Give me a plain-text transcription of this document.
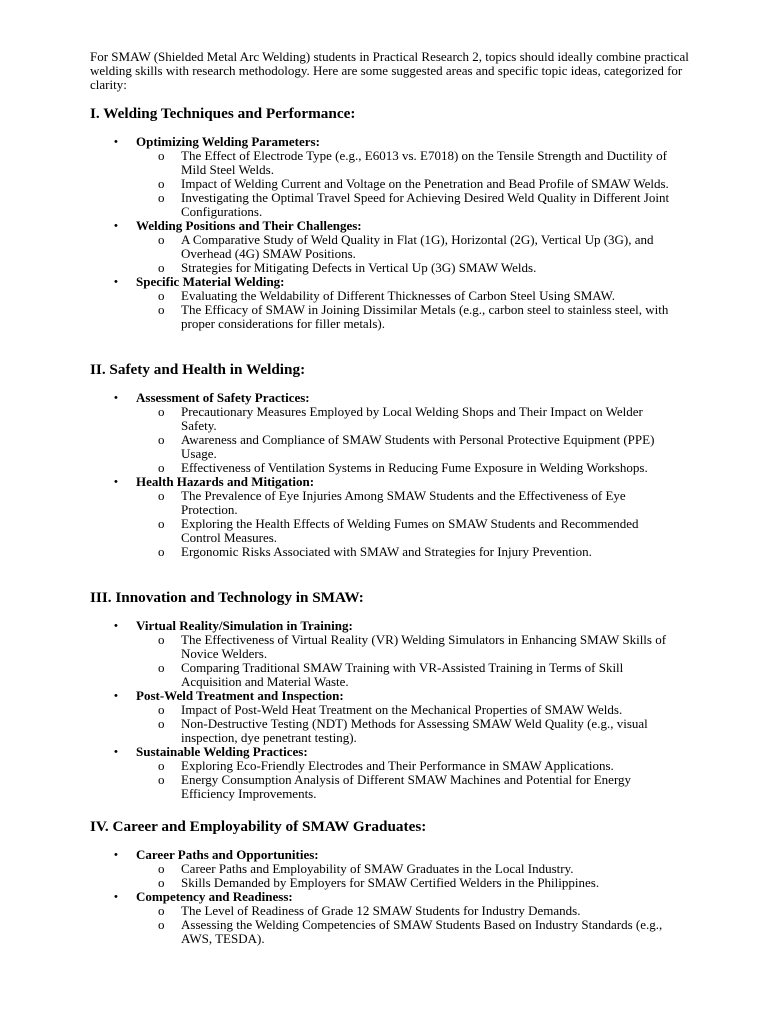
For SMAW (Shielded Metal Arc Welding) students in Practical Research 2, topics should ideally combine practical welding skills with research methodology. Here are some suggested areas and specific topic ideas, categorized for clarity:

I. Welding Techniques and Performance:
• Optimizing Welding Parameters:
o The Effect of Electrode Type (e.g., E6013 vs. E7018) on the Tensile Strength and Ductility of Mild Steel Welds.
o Impact of Welding Current and Voltage on the Penetration and Bead Profile of SMAW Welds.
o Investigating the Optimal Travel Speed for Achieving Desired Weld Quality in Different Joint Configurations.
• Welding Positions and Their Challenges:
o A Comparative Study of Weld Quality in Flat (1G), Horizontal (2G), Vertical Up (3G), and Overhead (4G) SMAW Positions.
o Strategies for Mitigating Defects in Vertical Up (3G) SMAW Welds.
• Specific Material Welding:
o Evaluating the Weldability of Different Thicknesses of Carbon Steel Using SMAW.
o The Efficacy of SMAW in Joining Dissimilar Metals (e.g., carbon steel to stainless steel, with proper considerations for filler metals).
II. Safety and Health in Welding:
• Assessment of Safety Practices:
o Precautionary Measures Employed by Local Welding Shops and Their Impact on Welder Safety.
o Awareness and Compliance of SMAW Students with Personal Protective Equipment (PPE) Usage.
o Effectiveness of Ventilation Systems in Reducing Fume Exposure in Welding Workshops.
• Health Hazards and Mitigation:
o The Prevalence of Eye Injuries Among SMAW Students and the Effectiveness of Eye Protection.
o Exploring the Health Effects of Welding Fumes on SMAW Students and Recommended Control Measures.
o Ergonomic Risks Associated with SMAW and Strategies for Injury Prevention.
III. Innovation and Technology in SMAW:
• Virtual Reality/Simulation in Training:
o The Effectiveness of Virtual Reality (VR) Welding Simulators in Enhancing SMAW Skills of Novice Welders.
o Comparing Traditional SMAW Training with VR-Assisted Training in Terms of Skill Acquisition and Material Waste.
• Post-Weld Treatment and Inspection:
o Impact of Post-Weld Heat Treatment on the Mechanical Properties of SMAW Welds.
o Non-Destructive Testing (NDT) Methods for Assessing SMAW Weld Quality (e.g., visual inspection, dye penetrant testing).
• Sustainable Welding Practices:
o Exploring Eco-Friendly Electrodes and Their Performance in SMAW Applications.
o Energy Consumption Analysis of Different SMAW Machines and Potential for Energy Efficiency Improvements.
IV. Career and Employability of SMAW Graduates:
• Career Paths and Opportunities:
o Career Paths and Employability of SMAW Graduates in the Local Industry.
o Skills Demanded by Employers for SMAW Certified Welders in the Philippines.
• Competency and Readiness:
o The Level of Readiness of Grade 12 SMAW Students for Industry Demands.
o Assessing the Welding Competencies of SMAW Students Based on Industry Standards (e.g., AWS, TESDA).
